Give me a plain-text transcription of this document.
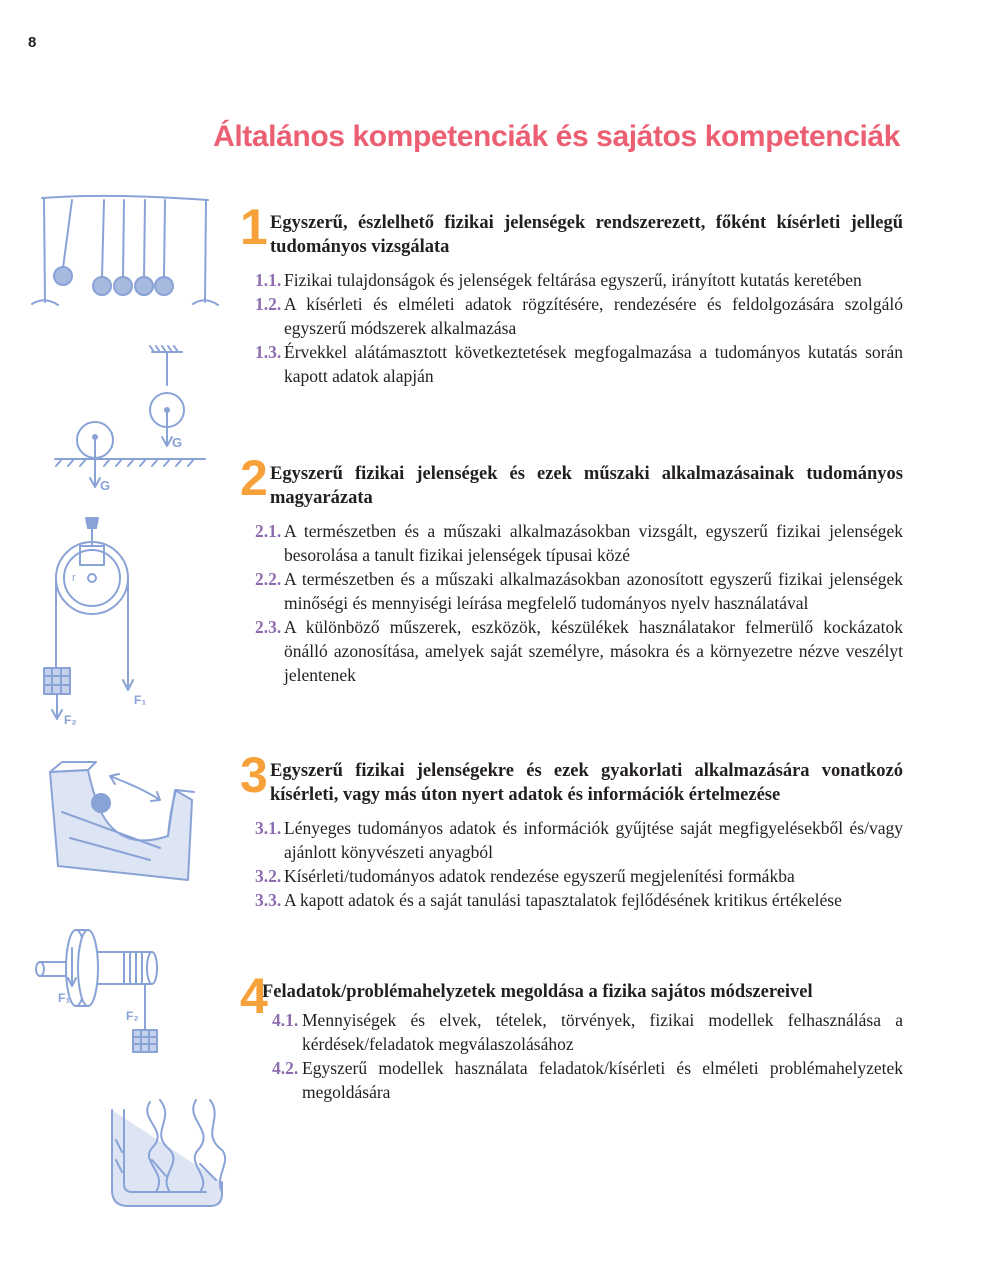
8
Általános kompetenciák és sajátos kompetenciák
G
G
r
F₂
F₁
F₁
F₂
1 Egyszerű, észlelhető fizikai jelenségek rendszerezett, főként kísérleti jellegű tudományos vizsgálata
1.1. Fizikai tulajdonságok és jelenségek feltárása egyszerű, irányított kutatás keretében
1.2. A kísérleti és elméleti adatok rögzítésére, rendezésére és feldolgozására szolgáló egyszerű módszerek alkalmazása
1.3. Érvekkel alátámasztott következtetések megfogalmazása a tudományos kutatás során kapott adatok alapján
2 Egyszerű fizikai jelenségek és ezek műszaki alkalmazásainak tudományos magyarázata
2.1. A természetben és a műszaki alkalmazásokban vizsgált, egyszerű fizikai jelenségek besorolása a tanult fizikai jelenségek típusai közé
2.2. A természetben és a műszaki alkalmazásokban azonosított egyszerű fizikai jelenségek minőségi és mennyiségi leírása megfelelő tudományos nyelv használatával
2.3. A különböző műszerek, eszközök, készülékek használatakor felmerülő kockázatok önálló azonosítása, amelyek saját személyre, másokra és a környezetre nézve veszélyt jelentenek
3 Egyszerű fizikai jelenségekre és ezek gyakorlati alkalmazására vonatkozó kísérleti, vagy más úton nyert adatok és információk értelmezése
3.1. Lényeges tudományos adatok és információk gyűjtése saját megfigyelésekből és/vagy ajánlott könyvészeti anyagból
3.2. Kísérleti/tudományos adatok rendezése egyszerű megjelenítési formákba
3.3. A kapott adatok és a saját tanulási tapasztalatok fejlődésének kritikus értékelése
4
Feladatok/problémahelyzetek megoldása a fizika sajátos módszereivel
4.1. Mennyiségek és elvek, tételek, törvények, fizikai modellek felhasználása a kérdések/feladatok megválaszolásához
4.2. Egyszerű modellek használata feladatok/kísérleti és elméleti problémahelyzetek megoldására
